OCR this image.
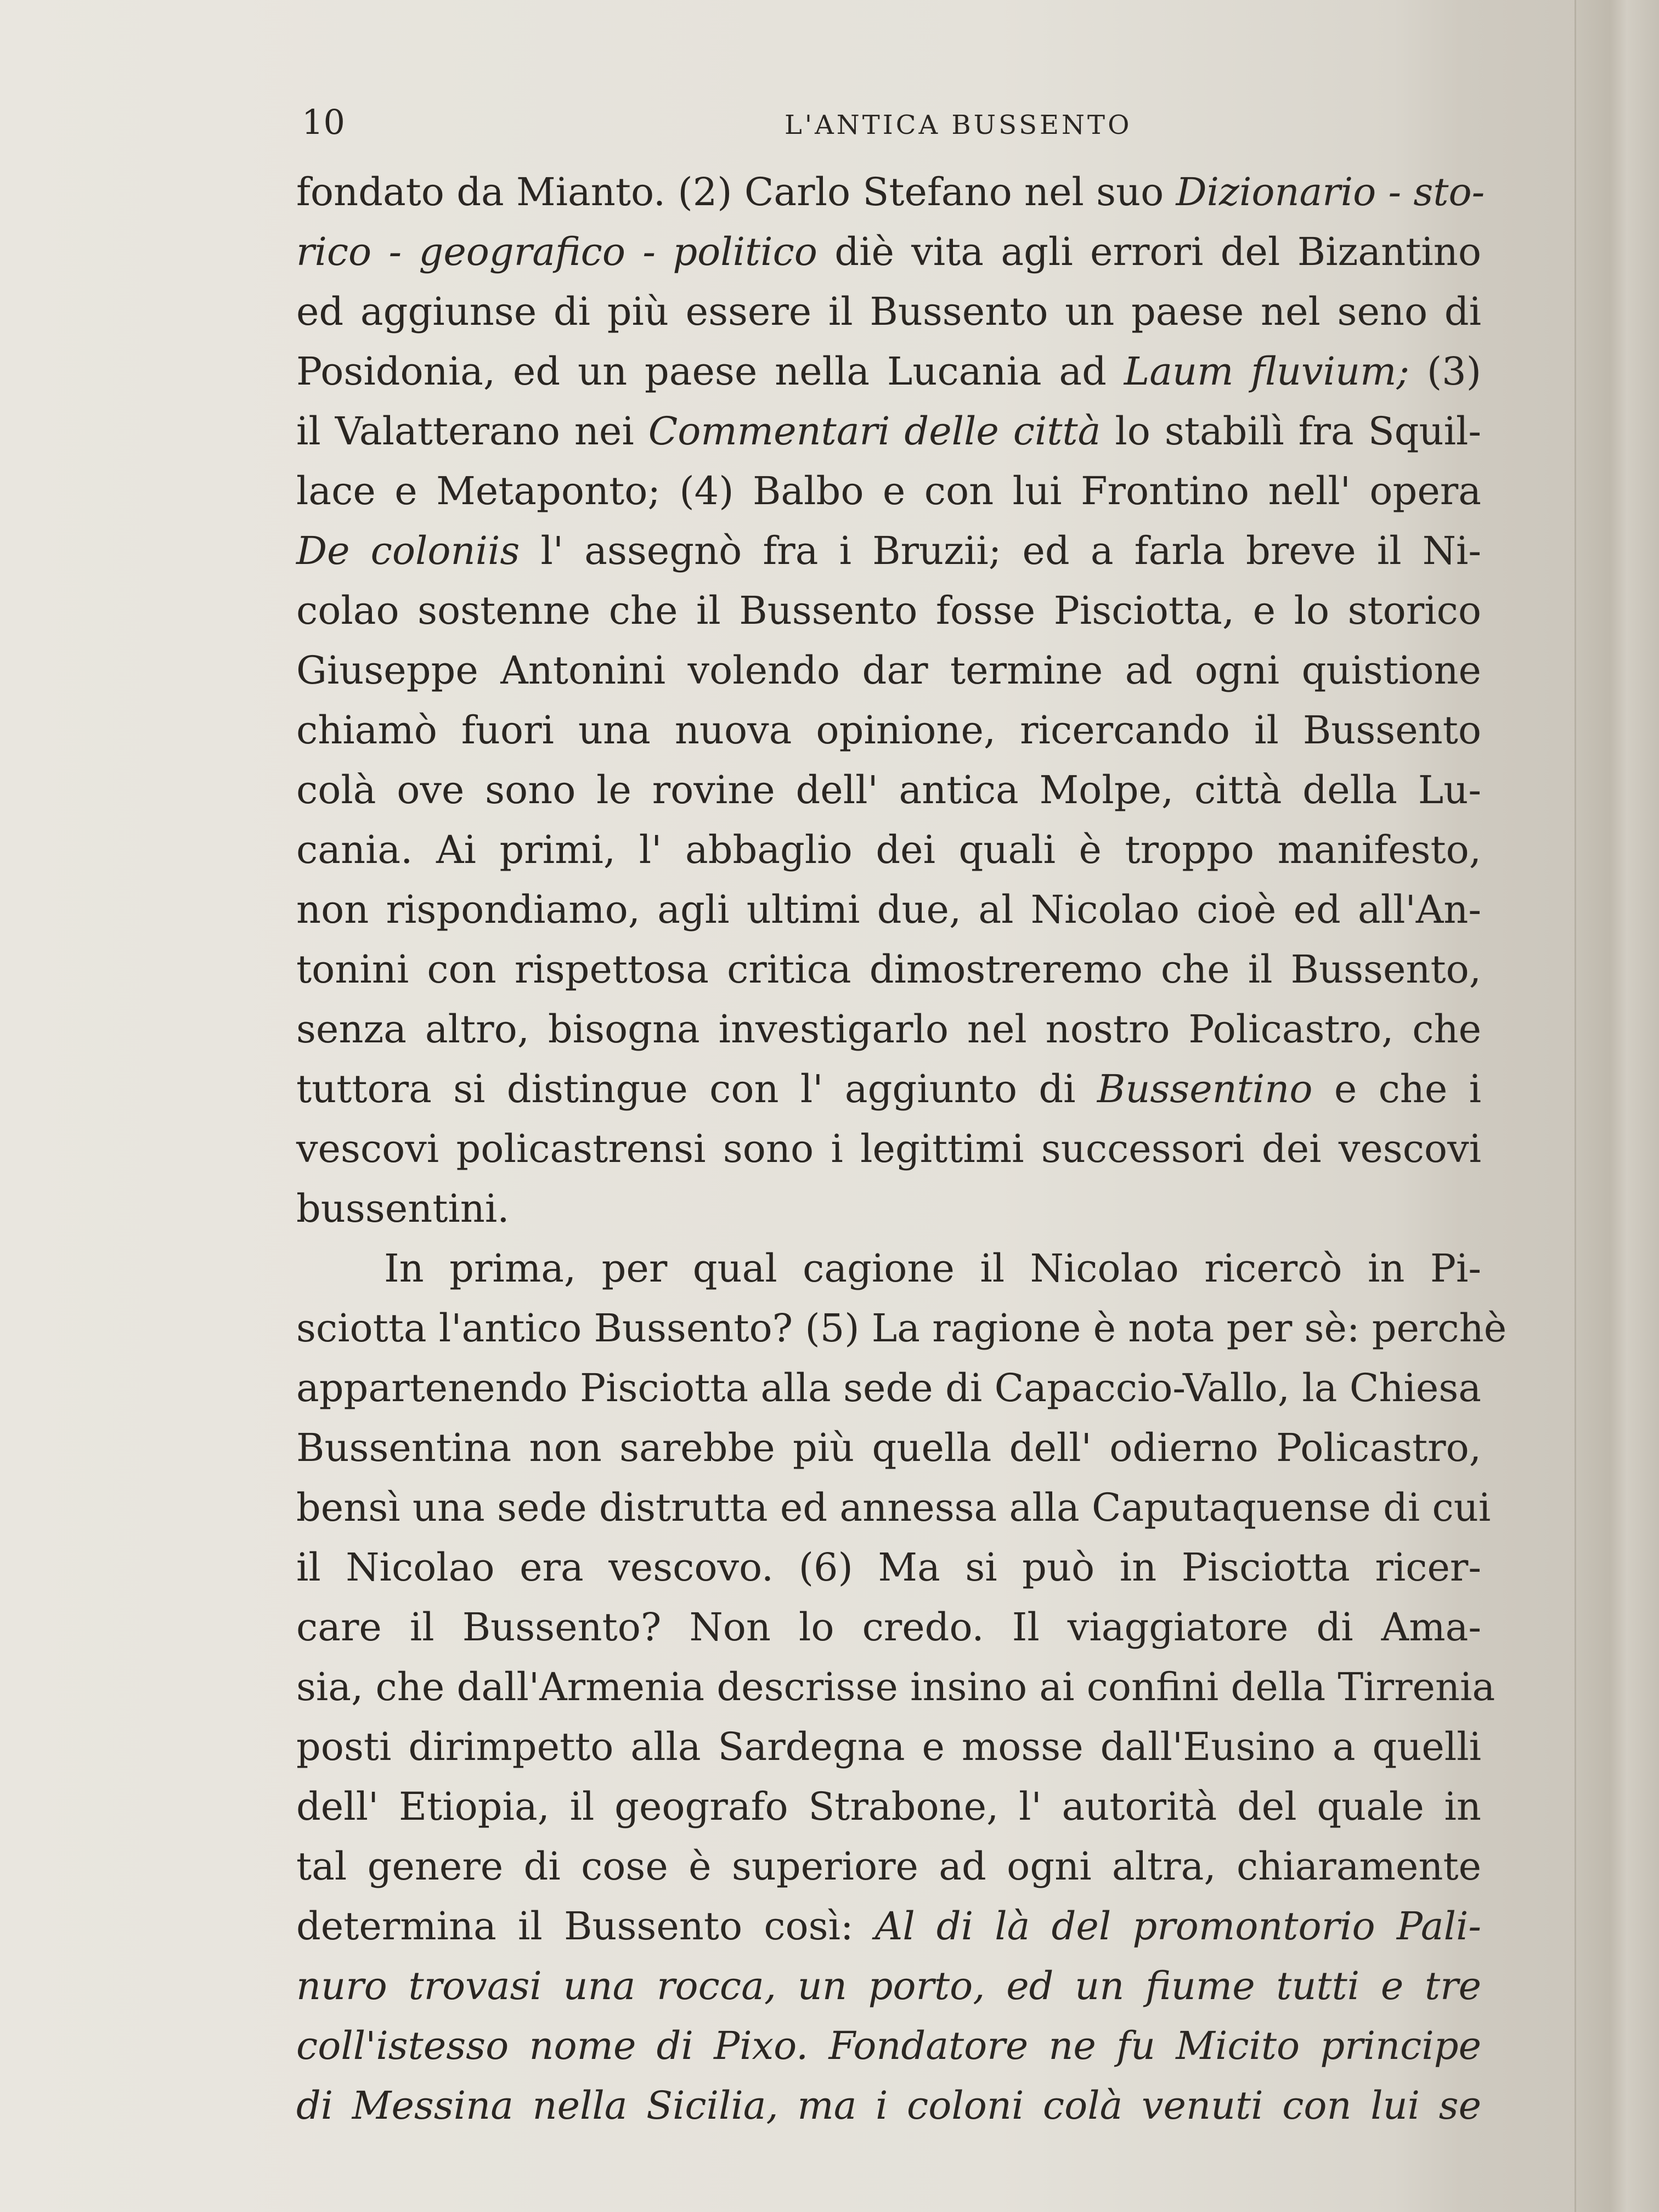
10	L'ANTICA BUSSENTO
fondato da Mianto. (2) Carlo Stefano nel suo Dizionario - sto-
rico - geografico - politico diè vita agli errori del Bizantino
ed aggiunse di più essere il Bussento un paese nel seno di
Posidonia, ed un paese nella Lucania ad Laum fluvium; (3)
il Valatterano nei Commentari delle città lo stabilì fra Squil-
lace e Metaponto; (4) Balbo e con lui Frontino nell' opera
De coloniis l' assegnò fra i Bruzii; ed a farla breve il Ni-
colao sostenne che il Bussento fosse Pisciotta, e lo storico
Giuseppe Antonini volendo dar termine ad ogni quistione
chiamò fuori una nuova opinione, ricercando il Bussento
colà ove sono le rovine dell' antica Molpe, città della Lu-
cania. Ai primi, l' abbaglio dei quali è troppo manifesto,
non rispondiamo, agli ultimi due, al Nicolao cioè ed all'An-
tonini con rispettosa critica dimostreremo che il Bussento,
senza altro, bisogna investigarlo nel nostro Policastro, che
tuttora si distingue con l' aggiunto di Bussentino e che i
vescovi policastrensi sono i legittimi successori dei vescovi
bussentini.
In prima, per qual cagione il Nicolao ricercò in Pi-
sciotta l'antico Bussento? (5) La ragione è nota per sè: perchè
appartenendo Pisciotta alla sede di Capaccio-Vallo, la Chiesa
Bussentina non sarebbe più quella dell' odierno Policastro,
bensì una sede distrutta ed annessa alla Caputaquense di cui
il Nicolao era vescovo. (6) Ma si può in Pisciotta ricer-
care il Bussento? Non lo credo. Il viaggiatore di Ama-
sia, che dall'Armenia descrisse insino ai confini della Tirrenia
posti dirimpetto alla Sardegna e mosse dall'Eusino a quelli
dell' Etiopia, il geografo Strabone, l' autorità del quale in
tal genere di cose è superiore ad ogni altra, chiaramente
determina il Bussento così: Al di là del promontorio Pali-
nuro trovasi una rocca, un porto, ed un fiume tutti e tre
coll'istesso nome di Pixo. Fondatore ne fu Micito principe
di Messina nella Sicilia, ma i coloni colà venuti con lui se
